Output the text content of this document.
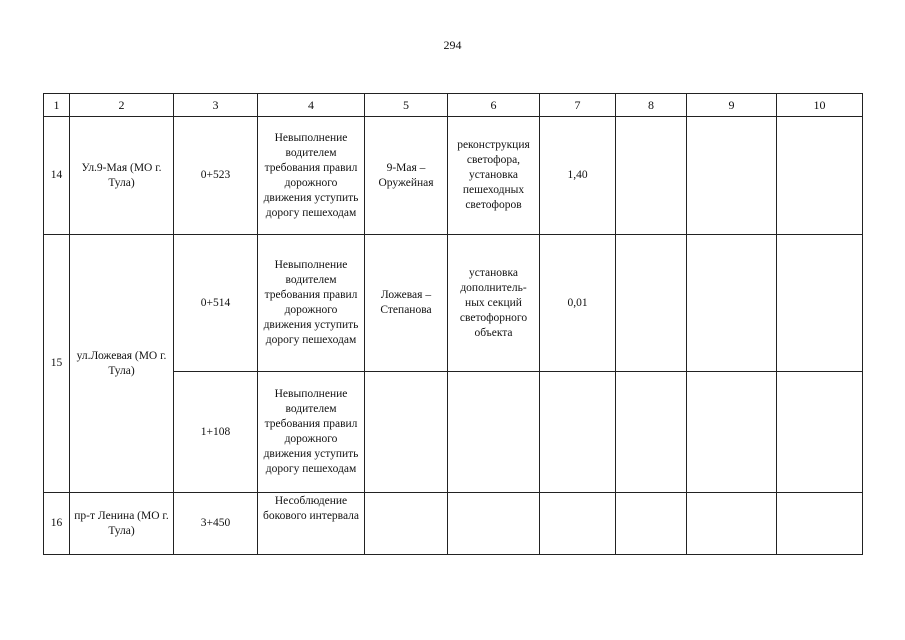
294
1	2	3	4	5	6	7	8	9	10
14	Ул.9-Мая (МО г. Тула)	0+523	Невыполнение водителем требования правил дорожного движения уступить дорогу пешеходам	9-Мая – Оружейная	реконструкция светофора, установка пешеходных светофоров	1,40			
15	ул.Ложевая (МО г. Тула)	0+514	Невыполнение водителем требования правил дорожного движения уступить дорогу пешеходам	Ложевая – Степанова	установка дополнитель-ных секций светофорного объекта	0,01			
		1+108	Невыполнение водителем требования правил дорожного движения уступить дорогу пешеходам						
16	пр-т Ленина (МО г. Тула)	3+450	Несоблюдение бокового интервала						
